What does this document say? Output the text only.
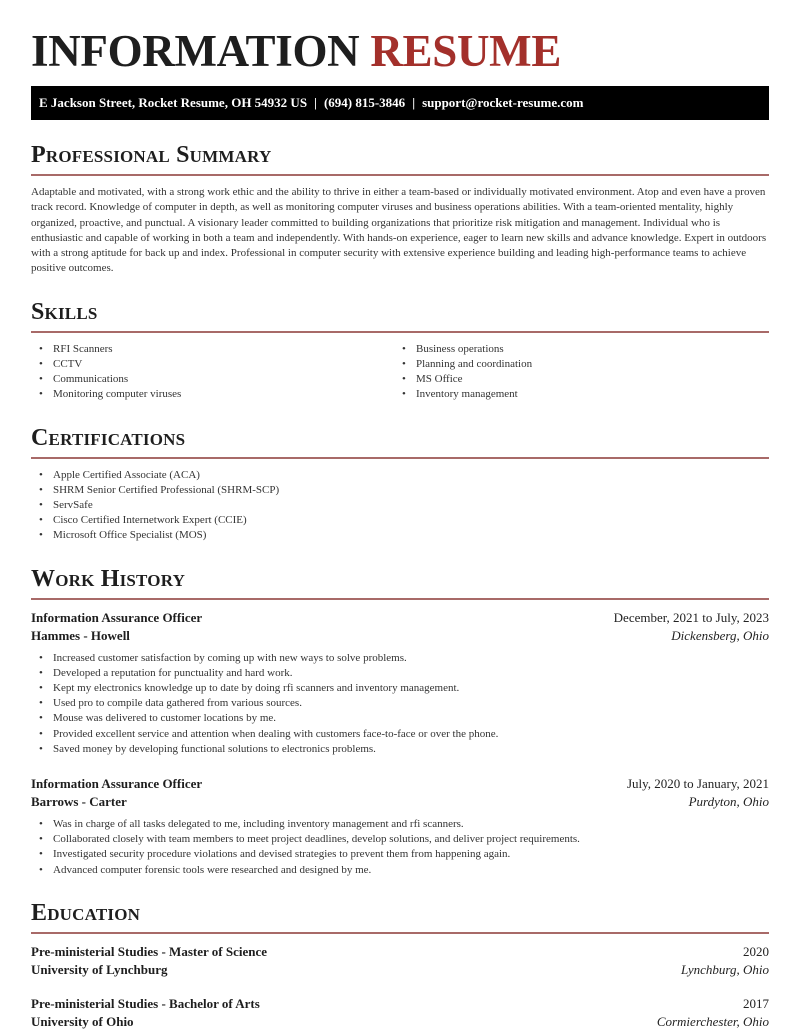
INFORMATION RESUME
E Jackson Street, Rocket Resume, OH 54932 US | (694) 815-3846 | support@rocket-resume.com
Professional Summary

Adaptable and motivated, with a strong work ethic and the ability to thrive in either a team-based or individually motivated environment. Atop and even have a proven track record. Knowledge of computer in depth, as well as monitoring computer viruses and business operations abilities. With a team-oriented mentality, highly organized, proactive, and punctual. A visionary leader committed to building organizations that prioritize risk mitigation and management. Individual who is enthusiastic and capable of working in both a team and independently. With hands-on experience, eager to learn new skills and advance knowledge. Expert in outdoors with a strong aptitude for back up and index. Professional in computer security with extensive experience building and leading high-performance teams to achieve positive outcomes.

Skills
• RFI Scanners
• CCTV
• Communications
• Monitoring computer viruses
• Business operations
• Planning and coordination
• MS Office
• Inventory management
Certifications
• Apple Certified Associate (ACA)
• SHRM Senior Certified Professional (SHRM-SCP)
• ServSafe
• Cisco Certified Internetwork Expert (CCIE)
• Microsoft Office Specialist (MOS)
Work History
Information Assurance Officer	December, 2021 to July, 2023
Hammes - Howell	Dickensberg, Ohio
• Increased customer satisfaction by coming up with new ways to solve problems.
• Developed a reputation for punctuality and hard work.
• Kept my electronics knowledge up to date by doing rfi scanners and inventory management.
• Used pro to compile data gathered from various sources.
• Mouse was delivered to customer locations by me.
• Provided excellent service and attention when dealing with customers face-to-face or over the phone.
• Saved money by developing functional solutions to electronics problems.
Information Assurance Officer	July, 2020 to January, 2021
Barrows - Carter	Purdyton, Ohio
• Was in charge of all tasks delegated to me, including inventory management and rfi scanners.
• Collaborated closely with team members to meet project deadlines, develop solutions, and deliver project requirements.
• Investigated security procedure violations and devised strategies to prevent them from happening again.
• Advanced computer forensic tools were researched and designed by me.
Education
Pre-ministerial Studies - Master of Science	2020
University of Lynchburg	Lynchburg, Ohio
Pre-ministerial Studies - Bachelor of Arts	2017
University of Ohio	Cormierchester, Ohio
